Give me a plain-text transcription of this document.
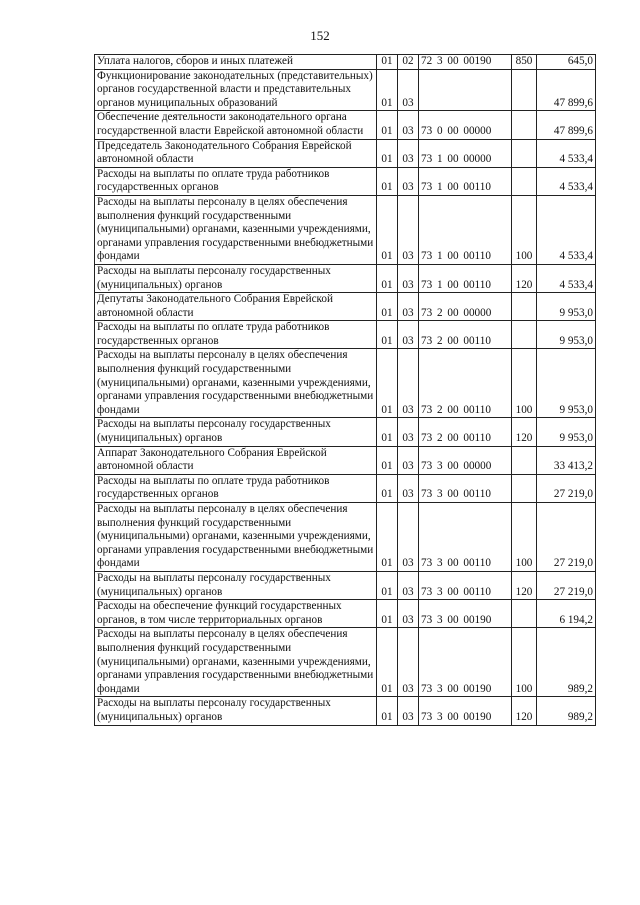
152
Уплата налогов, сборов и иных платежей	01	02	72 3 00 00190	850	645,0
Функционирование законодательных (представительных) органов государственной власти и представительных органов муниципальных образований	01	03			47 899,6
Обеспечение деятельности законодательного органа государственной власти Еврейской автономной области	01	03	73 0 00 00000		47 899,6
Председатель Законодательного Собрания Еврейской автономной области	01	03	73 1 00 00000		4 533,4
Расходы на выплаты по оплате труда работников государственных органов	01	03	73 1 00 00110		4 533,4
Расходы на выплаты персоналу в целях обеспечения выполнения функций государственными (муниципальными) органами, казенными учреждениями, органами управления государственными внебюджетными фондами	01	03	73 1 00 00110	100	4 533,4
Расходы на выплаты персоналу государственных (муниципальных) органов	01	03	73 1 00 00110	120	4 533,4
Депутаты Законодательного Собрания Еврейской автономной области	01	03	73 2 00 00000		9 953,0
Расходы на выплаты по оплате труда работников государственных органов	01	03	73 2 00 00110		9 953,0
Расходы на выплаты персоналу в целях обеспечения выполнения функций государственными (муниципальными) органами, казенными учреждениями, органами управления государственными внебюджетными фондами	01	03	73 2 00 00110	100	9 953,0
Расходы на выплаты персоналу государственных (муниципальных) органов	01	03	73 2 00 00110	120	9 953,0
Аппарат Законодательного Собрания Еврейской автономной области	01	03	73 3 00 00000		33 413,2
Расходы на выплаты по оплате труда работников государственных органов	01	03	73 3 00 00110		27 219,0
Расходы на выплаты персоналу в целях обеспечения выполнения функций государственными (муниципальными) органами, казенными учреждениями, органами управления государственными внебюджетными фондами	01	03	73 3 00 00110	100	27 219,0
Расходы на выплаты персоналу государственных (муниципальных) органов	01	03	73 3 00 00110	120	27 219,0
Расходы на обеспечение функций государственных органов, в том числе территориальных органов	01	03	73 3 00 00190		6 194,2
Расходы на выплаты персоналу в целях обеспечения выполнения функций государственными (муниципальными) органами, казенными учреждениями, органами управления государственными внебюджетными фондами	01	03	73 3 00 00190	100	989,2
Расходы на выплаты персоналу государственных (муниципальных) органов	01	03	73 3 00 00190	120	989,2
